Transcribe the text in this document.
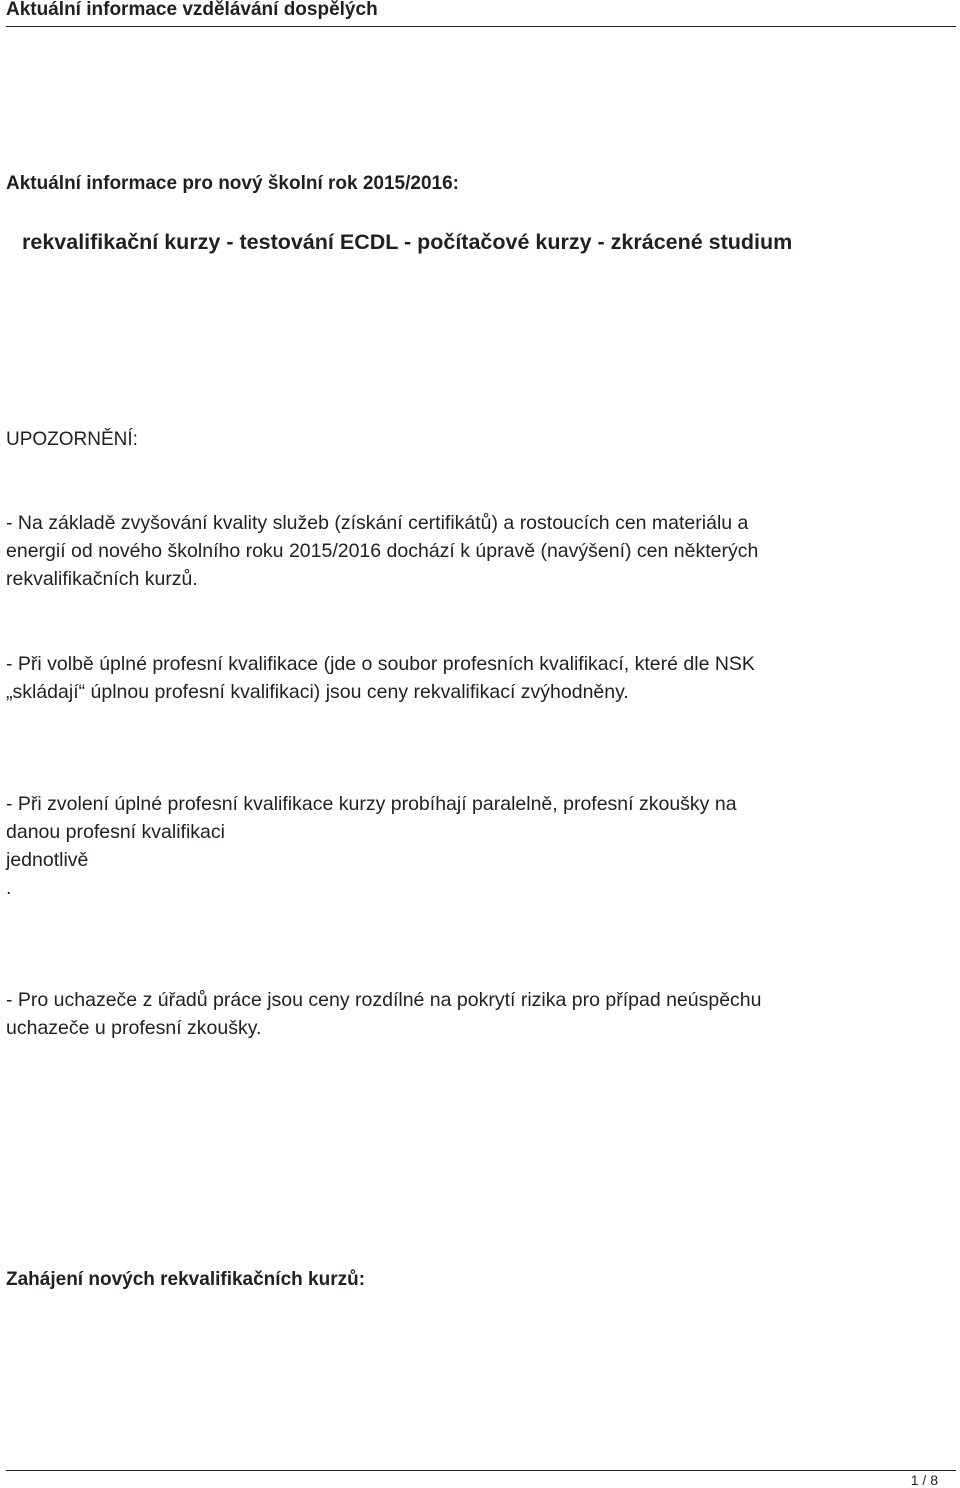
Aktuální informace vzdělávání dospělých
Aktuální informace pro nový školní rok 2015/2016:
rekvalifikační kurzy - testování ECDL - počítačové kurzy - zkrácené studium
UPOZORNĚNÍ:
- Na základě zvyšování kvality služeb (získání certifikátů) a rostoucích cen materiálu a
energií od nového školního roku 2015/2016 dochází k úpravě (navýšení) cen některých
rekvalifikačních kurzů.
- Při volbě úplné profesní kvalifikace (jde o soubor profesních kvalifikací, které dle NSK
„skládají“ úplnou profesní kvalifikaci) jsou ceny rekvalifikací zvýhodněny.
- Při zvolení úplné profesní kvalifikace kurzy probíhají paralelně, profesní zkoušky na
danou profesní kvalifikaci
jednotlivě
.
- Pro uchazeče z úřadů práce jsou ceny rozdílné na pokrytí rizika pro případ neúspěchu
uchazeče u profesní zkoušky.
Zahájení nových rekvalifikačních kurzů:
1 / 8
